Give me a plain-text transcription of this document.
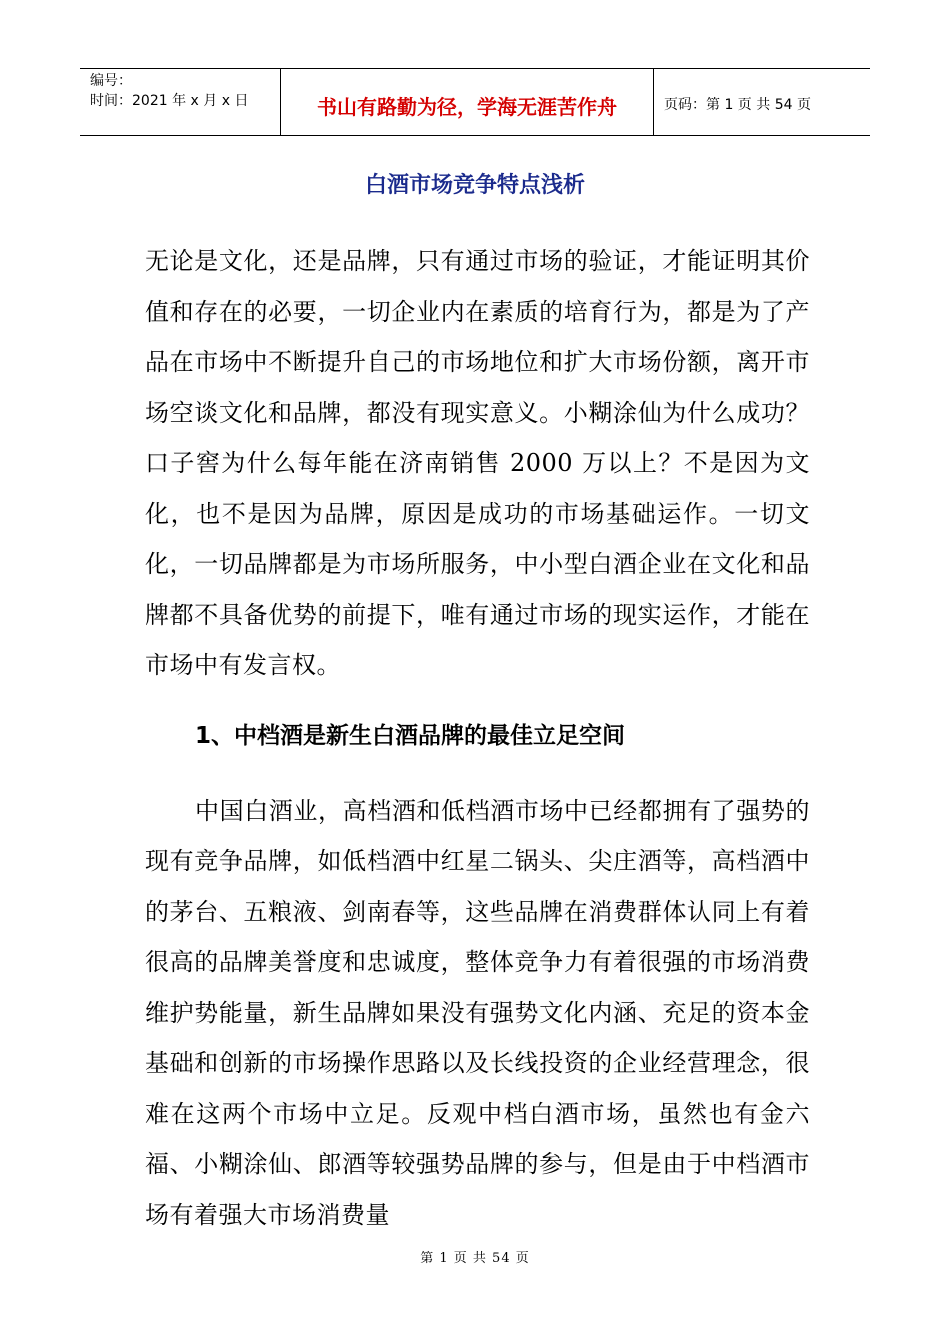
编号：
时间：2021 年 x 月 x 日	书山有路勤为径，学海无涯苦作舟	页码：第 1 页 共 54 页
白酒市场竞争特点浅析

无论是文化，还是品牌，只有通过市场的验证，才能证明其价值和存在的必要，一切企业内在素质的培育行为，都是为了产品在市场中不断提升自己的市场地位和扩大市场份额，离开市场空谈文化和品牌，都没有现实意义。小糊涂仙为什么成功？口子窖为什么每年能在济南销售 2000 万以上？不是因为文化，也不是因为品牌，原因是成功的市场基础运作。一切文化，一切品牌都是为市场所服务，中小型白酒企业在文化和品牌都不具备优势的前提下，唯有通过市场的现实运作，才能在市场中有发言权。

1、中档酒是新生白酒品牌的最佳立足空间

中国白酒业，高档酒和低档酒市场中已经都拥有了强势的现有竞争品牌，如低档酒中红星二锅头、尖庄酒等，高档酒中的茅台、五粮液、剑南春等，这些品牌在消费群体认同上有着很高的品牌美誉度和忠诚度，整体竞争力有着很强的市场消费维护势能量，新生品牌如果没有强势文化内涵、充足的资本金基础和创新的市场操作思路以及长线投资的企业经营理念，很难在这两个市场中立足。反观中档白酒市场，虽然也有金六福、小糊涂仙、郎酒等较强势品牌的参与，但是由于中档酒市场有着强大市场消费量

第 1 页 共 54 页
